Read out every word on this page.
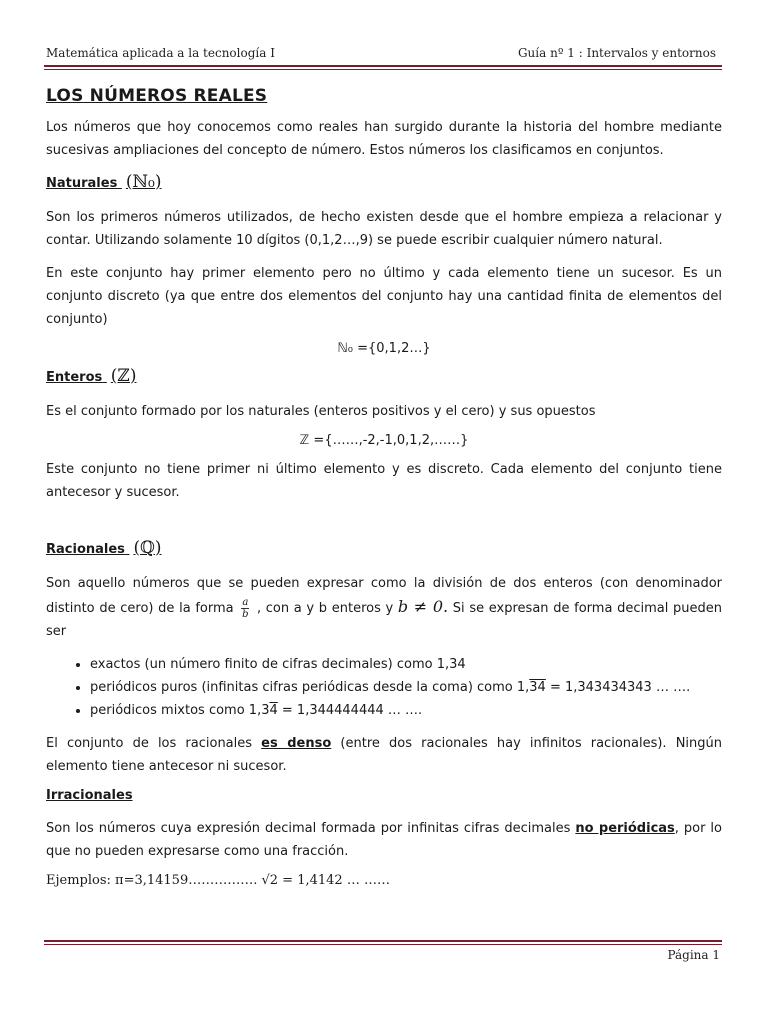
Matemática aplicada a la tecnología I	Guía nº 1 : Intervalos y entornos
LOS NÚMEROS REALES

Los números que hoy conocemos como reales han surgido durante la historia del hombre mediante sucesivas ampliaciones del concepto de número. Estos números los clasificamos en conjuntos.

Naturales (ℕ₀)

Son los primeros números utilizados, de hecho existen desde que el hombre empieza a relacionar y contar. Utilizando solamente 10 dígitos (0,1,2…,9) se puede escribir cualquier número natural.

En este conjunto hay primer elemento pero no último y cada elemento tiene un sucesor. Es un conjunto discreto (ya que entre dos elementos del conjunto hay una cantidad finita de elementos del conjunto)

ℕ₀ ={0,1,2…}
Enteros (ℤ)

Es el conjunto formado por los naturales (enteros positivos y el cero) y sus opuestos

ℤ ={……,-2,-1,0,1,2,……}

Este conjunto no tiene primer ni último elemento y es discreto. Cada elemento del conjunto tiene antecesor y sucesor.

Racionales (ℚ)

Son aquello números que se pueden expresar como la división de dos enteros (con denominador distinto de cero) de la forma $\frac{a}{b}$ , con a y b enteros y b ≠ 0. Si se expresan de forma decimal pueden ser

• exactos (un número finito de cifras decimales) como 1,34
• periódicos puros (infinitas cifras periódicas desde la coma) como 1,34 = 1,343434343 … ….
• periódicos mixtos como 1,34 = 1,344444444 … ….

El conjunto de los racionales es denso (entre dos racionales hay infinitos racionales). Ningún elemento tiene antecesor ni sucesor.

Irracionales

Son los números cuya expresión decimal formada por infinitas cifras decimales no periódicas, por lo que no pueden expresarse como una fracción.

Ejemplos: π=3,14159……………. √2 = 1,4142 … ……
Página 1
